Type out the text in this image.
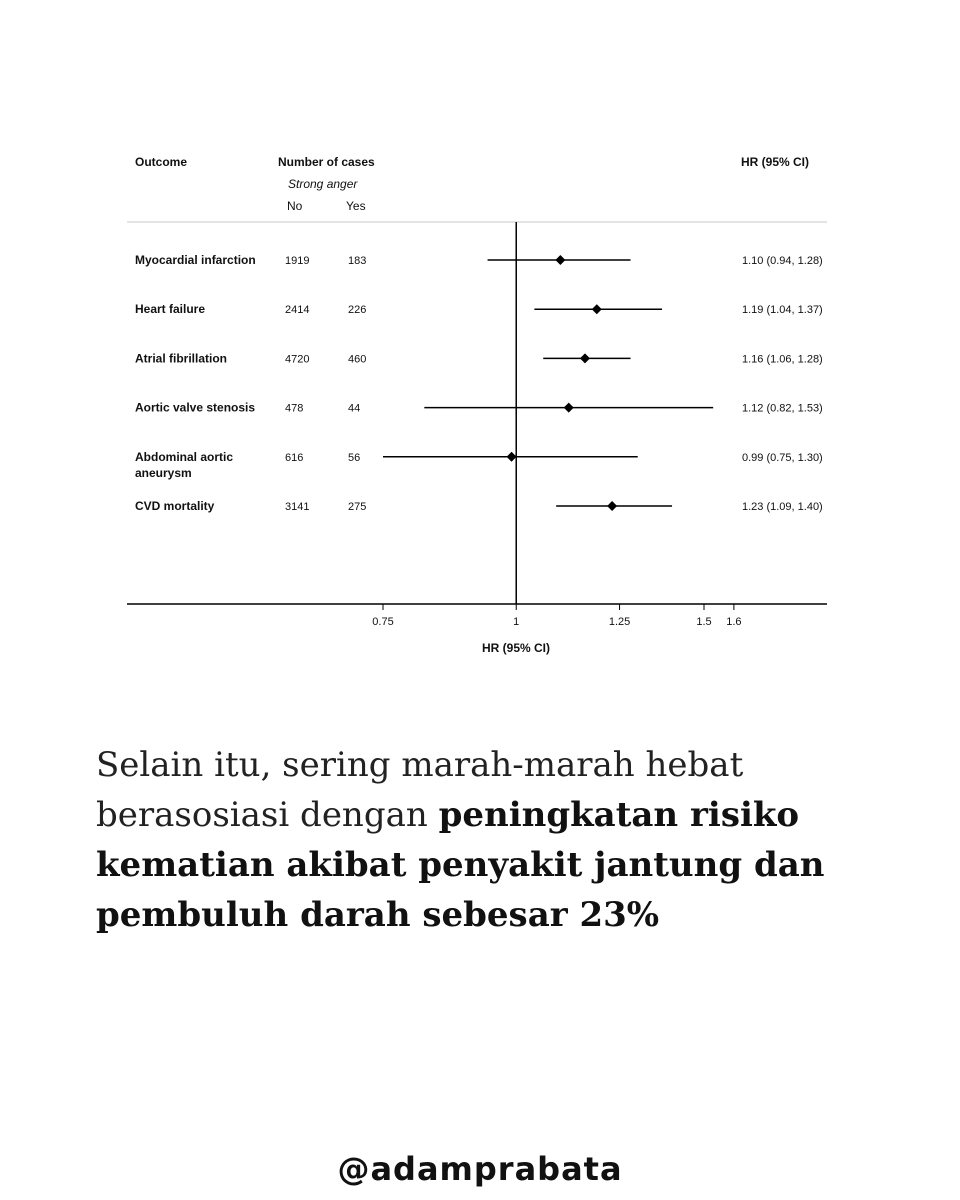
Outcome	Number of cases
Strong anger
No	Yes
HR (95% CI)
Myocardial infarction	1919	183	1.10 (0.94, 1.28)
Heart failure	2414	226	1.19 (1.04, 1.37)
Atrial fibrillation	4720	460	1.16 (1.06, 1.28)
Aortic valve stenosis	478	44	1.12 (0.82, 1.53)
Abdominal aortic
aneurysm
616	56	0.99 (0.75, 1.30)
CVD mortality	3141	275	1.23 (1.09, 1.40)
0.75	1	1.25	1.5 1.6
HR (95% CI)
Selain itu, sering marah-marah hebat berasosiasi dengan peningkatan risiko kematian akibat penyakit jantung dan pembuluh darah sebesar 23%
@adamprabata
